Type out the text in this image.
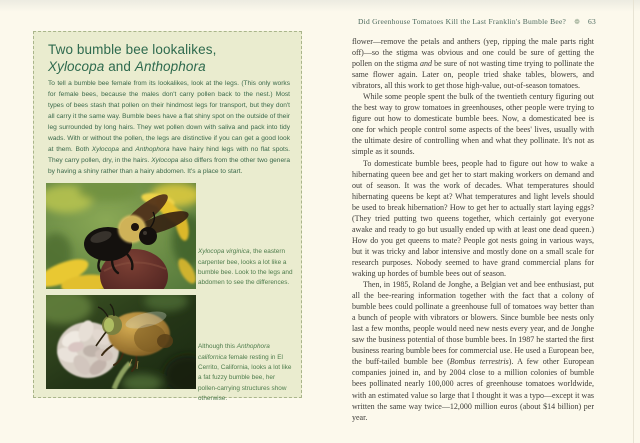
Two bumble bee lookalikes,
Xylocopa and Anthophora
To tell a bumble bee female from its lookalikes, look at the legs. (This only works for female bees, because the males don't carry pollen back to the nest.) Most types of bees stash that pollen on their hindmost legs for transport, but they don't all carry it the same way. Bumble bees have a flat shiny spot on the outside of their leg surrounded by long hairs. They wet pollen down with saliva and pack into tidy wads. With or without the pollen, the legs are distinctive if you can get a good look at them. Both Xylocopa and Anthophora have hairy hind legs with no flat spots. They carry pollen, dry, in the hairs. Xylocopa also differs from the other two genera by having a shiny rather than a hairy abdomen. It's a place to start.

Xylocopa virginica, the eastern carpenter bee, looks a lot like a bumble bee. Look to the legs and abdomen to see the differences.

Although this Anthophora californica female resting in El Cerrito, California, looks a lot like a fat fuzzy bumble bee, her pollen-carrying structures show otherwise.

Did Greenhouse Tomatoes Kill the Last Franklin's Bumble Bee? ❁ 63

flower—remove the petals and anthers (yep, ripping the male parts right off)—so the stigma was obvious and one could be sure of getting the pollen on the stigma and be sure of not wasting time trying to pollinate the same flower again. Later on, people tried shake tables, blowers, and vibrators, all this work to get those high-value, out-of-season tomatoes.

While some people spent the bulk of the twentieth century figuring out the best way to grow tomatoes in greenhouses, other people were trying to figure out how to domesticate bumble bees. Now, a domesticated bee is one for which people control some aspects of the bees' lives, usually with the ultimate desire of controlling when and what they pollinate. It's not as simple as it sounds.

To domesticate bumble bees, people had to figure out how to wake a hibernating queen bee and get her to start making workers on demand and out of season. It was the work of decades. What temperatures should hibernating queens be kept at? What temperatures and light levels should be used to break hibernation? How to get her to actually start laying eggs? (They tried putting two queens together, which certainly got everyone awake and ready to go but usually ended up with at least one dead queen.) How do you get queens to mate? People got nests going in various ways, but it was tricky and labor intensive and mostly done on a small scale for research purposes. Nobody seemed to have grand commercial plans for waking up hordes of bumble bees out of season.

Then, in 1985, Roland de Jonghe, a Belgian vet and bee enthusiast, put all the bee-rearing information together with the fact that a colony of bumble bees could pollinate a greenhouse full of tomatoes way better than a bunch of people with vibrators or blowers. Since bumble bee nests only last a few months, people would need new nests every year, and de Jonghe saw the business potential of those bumble bees. In 1987 he started the first business rearing bumble bees for commercial use. He used a European bee, the buff-tailed bumble bee (Bombus terrestris). A few other European companies joined in, and by 2004 close to a million colonies of bumble bees pollinated nearly 100,000 acres of greenhouse tomatoes worldwide, with an estimated value so large that I thought it was a typo—except it was written the same way twice—12,000 million euros (about $14 billion) per year.
